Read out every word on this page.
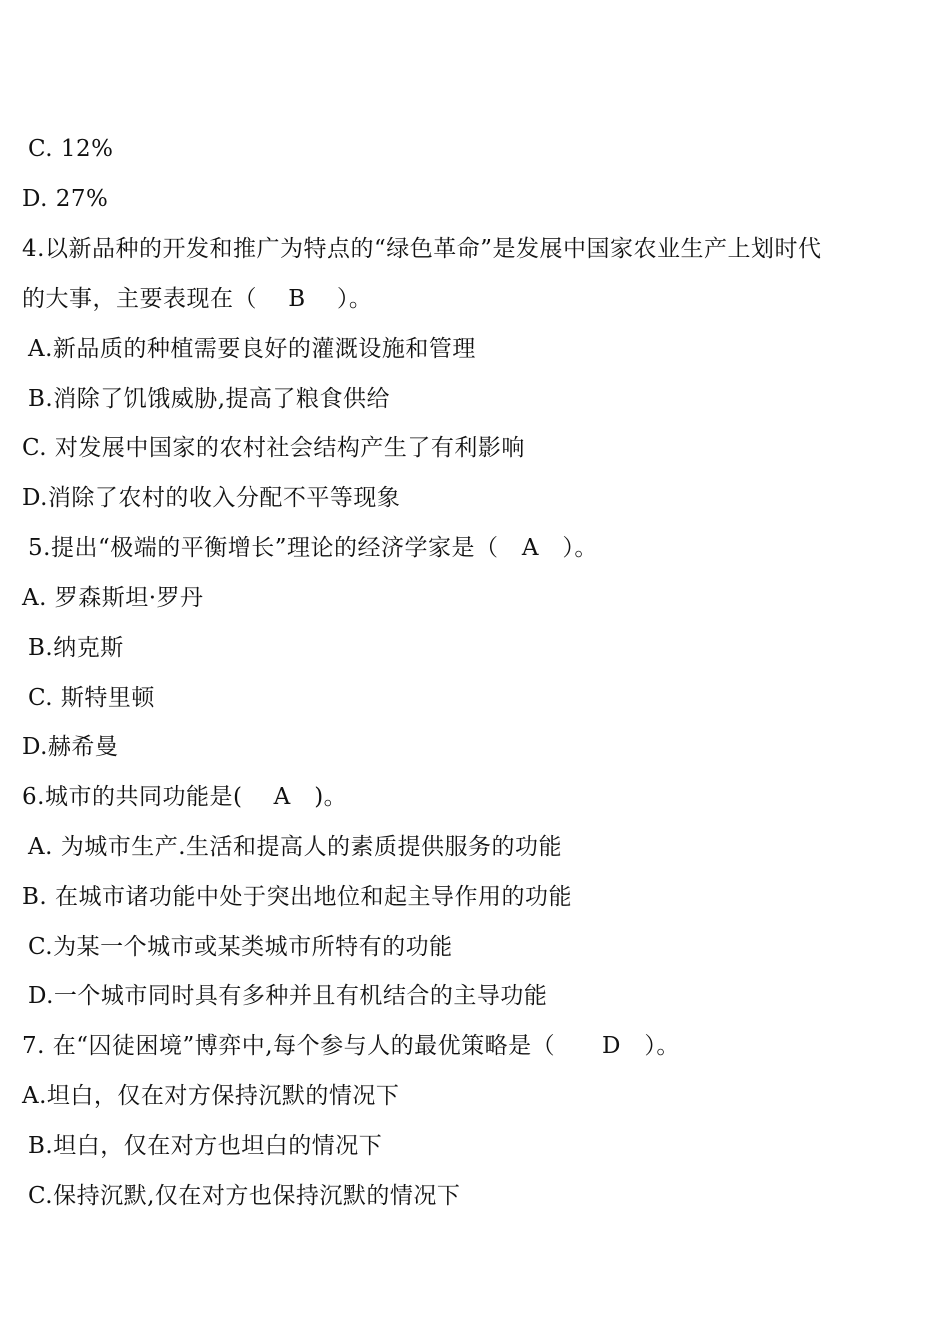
C. 12%
D. 27%
4.以新品种的开发和推广为特点的“绿色革命”是发展中国家农业生产上划时代
的大事，主要表现在（    B    ）。
A.新品质的种植需要良好的灌溉设施和管理
B.消除了饥饿威胁,提高了粮食供给
C. 对发展中国家的农村社会结构产生了有利影响
D.消除了农村的收入分配不平等现象
5.提出“极端的平衡增长”理论的经济学家是（   A   ）。
A. 罗森斯坦·罗丹
B.纳克斯
C. 斯特里顿
D.赫希曼
6.城市的共同功能是(    A   )。
A. 为城市生产.生活和提高人的素质提供服务的功能
B. 在城市诸功能中处于突出地位和起主导作用的功能
C.为某一个城市或某类城市所特有的功能
D.一个城市同时具有多种并且有机结合的主导功能
7. 在“囚徒困境”博弈中,每个参与人的最优策略是（      D   ）。
A.坦白，仅在对方保持沉默的情况下
B.坦白，仅在对方也坦白的情况下
C.保持沉默,仅在对方也保持沉默的情况下
